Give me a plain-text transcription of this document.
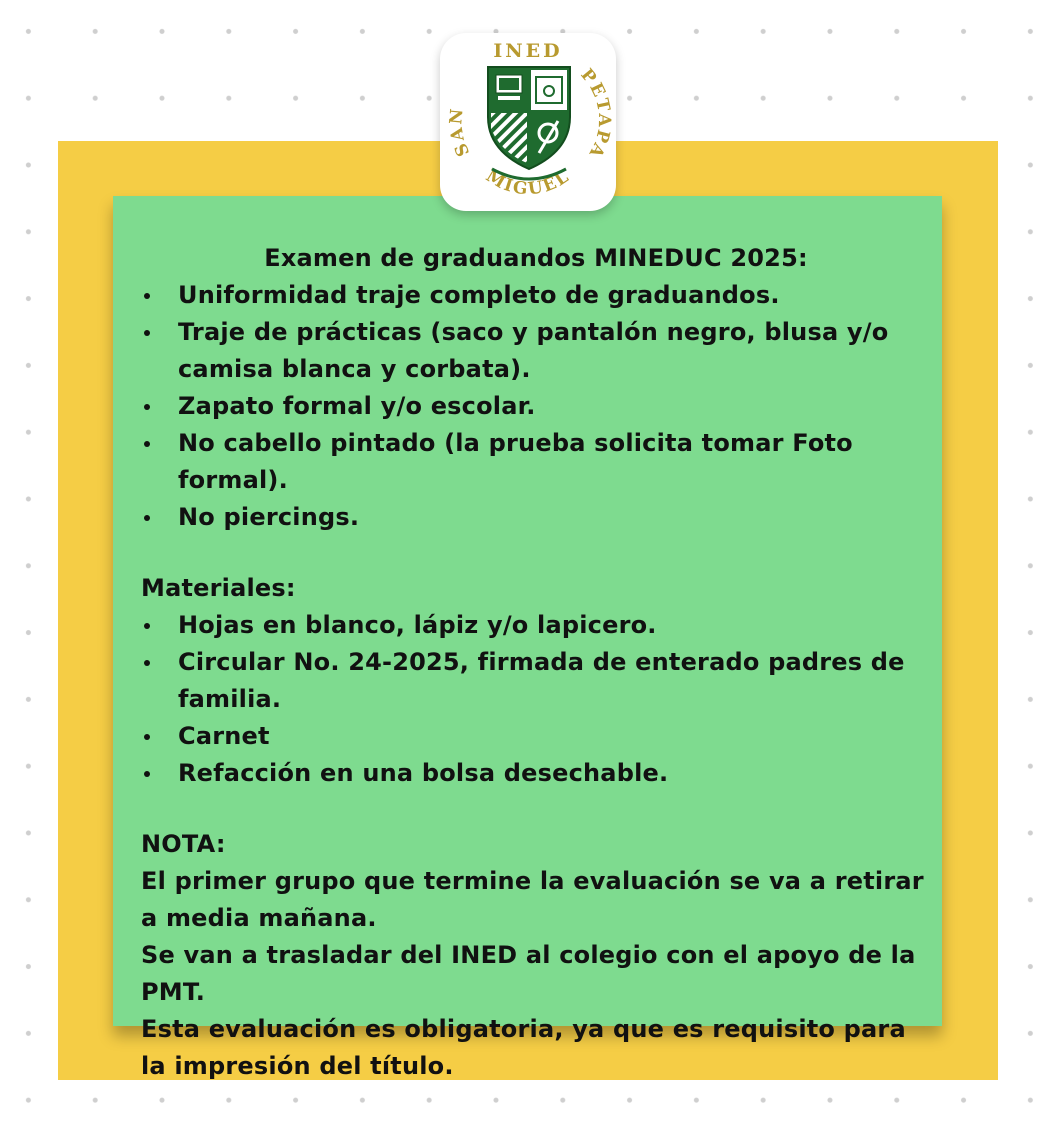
INED
SAN
MIGUEL
PETAPA
Examen de graduandos MINEDUC 2025:
Uniformidad traje completo de graduandos.
Traje de prácticas (saco y pantalón negro, blusa y/o camisa blanca y corbata).
Zapato formal y/o escolar.
No cabello pintado (la prueba solicita tomar Foto formal).
No piercings.
Materiales:
Hojas en blanco, lápiz y/o lapicero.
Circular No. 24-2025, firmada de enterado padres de familia.
Carnet
Refacción en una bolsa desechable.
NOTA:

El primer grupo que termine la evaluación se va a retirar a media mañana.

Se van a trasladar del INED al colegio con el apoyo de la PMT.

Esta evaluación es obligatoria, ya que es requisito para la impresión del título.
